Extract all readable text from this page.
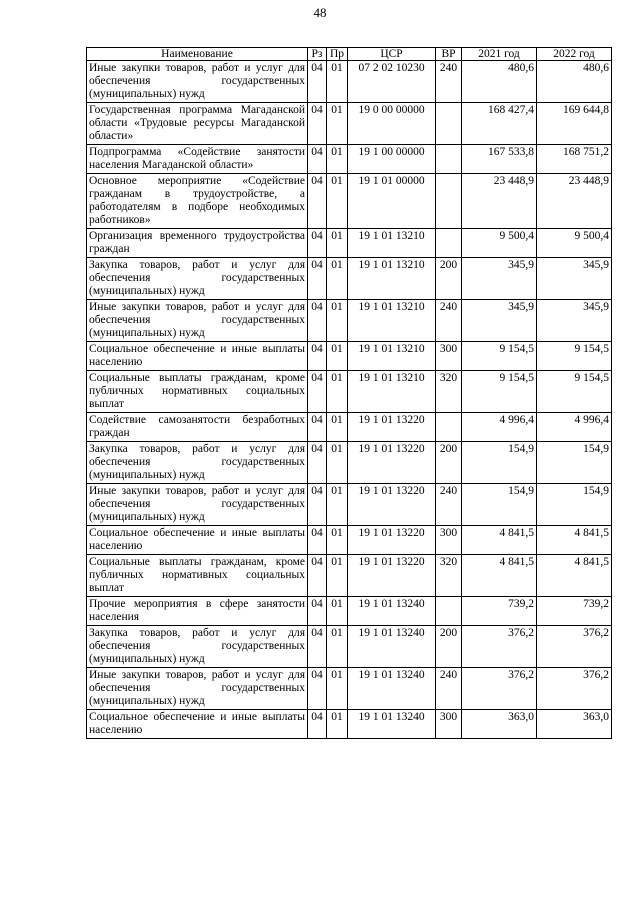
48
Наименование	Рз	Пр	ЦСР	ВР	2021 год	2022 год
Иные закупки товаров, работ и услуг для обеспечения государственных (муниципальных) нужд	04	01	07 2 02 10230	240	480,6	480,6
Государственная программа Магаданской области «Трудовые ресурсы Магаданской области»	04	01	19 0 00 00000		168 427,4	169 644,8
Подпрограмма «Содействие занятости населения Магаданской области»	04	01	19 1 00 00000		167 533,8	168 751,2
Основное мероприятие «Содействие гражданам в трудоустройстве, а работодателям в подборе необходимых работников»	04	01	19 1 01 00000		23 448,9	23 448,9
Организация временного трудоустройства граждан	04	01	19 1 01 13210		9 500,4	9 500,4
Закупка товаров, работ и услуг для обеспечения государственных (муниципальных) нужд	04	01	19 1 01 13210	200	345,9	345,9
Иные закупки товаров, работ и услуг для обеспечения государственных (муниципальных) нужд	04	01	19 1 01 13210	240	345,9	345,9
Социальное обеспечение и иные выплаты населению	04	01	19 1 01 13210	300	9 154,5	9 154,5
Социальные выплаты гражданам, кроме публичных нормативных социальных выплат	04	01	19 1 01 13210	320	9 154,5	9 154,5
Содействие самозанятости безработных граждан	04	01	19 1 01 13220		4 996,4	4 996,4
Закупка товаров, работ и услуг для обеспечения государственных (муниципальных) нужд	04	01	19 1 01 13220	200	154,9	154,9
Иные закупки товаров, работ и услуг для обеспечения государственных (муниципальных) нужд	04	01	19 1 01 13220	240	154,9	154,9
Социальное обеспечение и иные выплаты населению	04	01	19 1 01 13220	300	4 841,5	4 841,5
Социальные выплаты гражданам, кроме публичных нормативных социальных выплат	04	01	19 1 01 13220	320	4 841,5	4 841,5
Прочие мероприятия в сфере занятости населения	04	01	19 1 01 13240		739,2	739,2
Закупка товаров, работ и услуг для обеспечения государственных (муниципальных) нужд	04	01	19 1 01 13240	200	376,2	376,2
Иные закупки товаров, работ и услуг для обеспечения государственных (муниципальных) нужд	04	01	19 1 01 13240	240	376,2	376,2
Социальное обеспечение и иные выплаты населению	04	01	19 1 01 13240	300	363,0	363,0
